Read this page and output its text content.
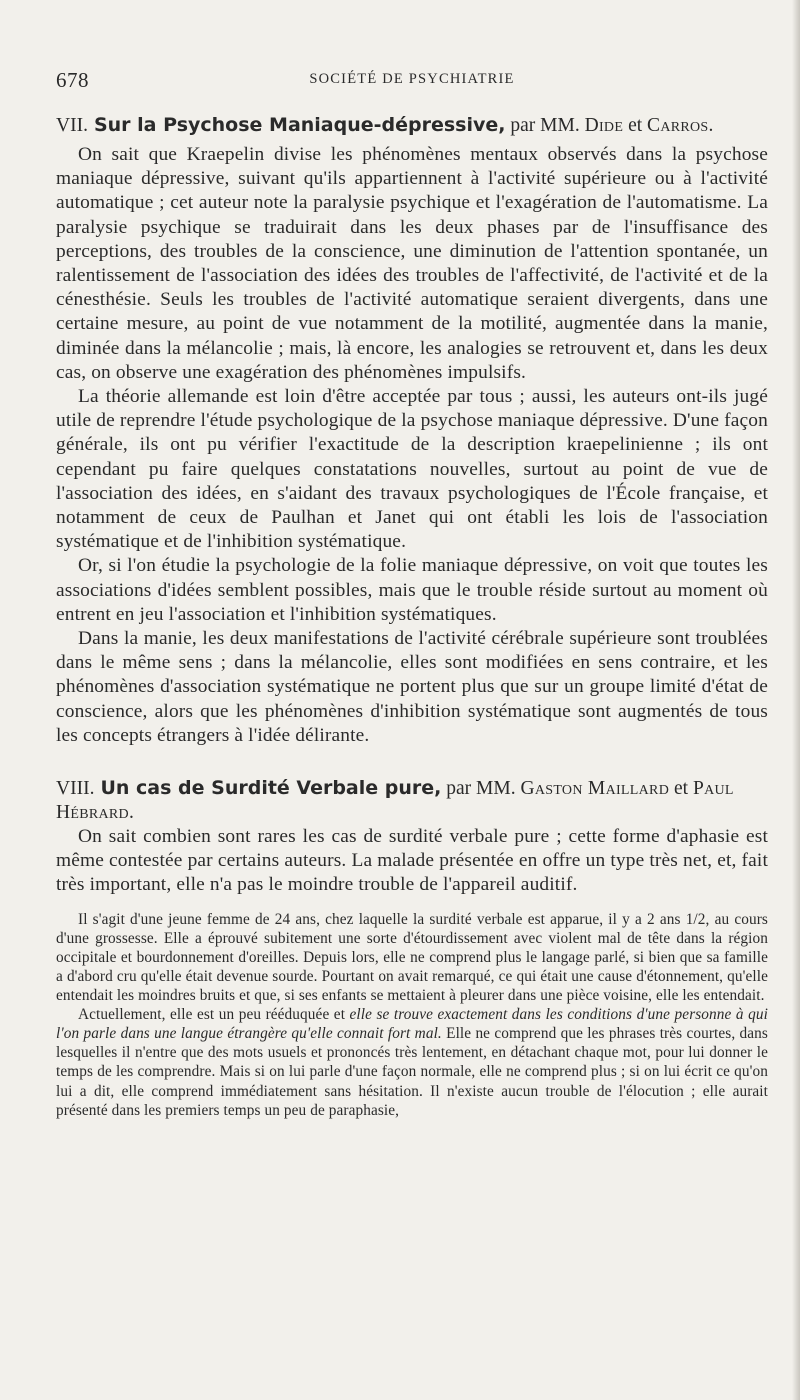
678	SOCIÉTÉ DE PSYCHIATRIE
VII. Sur la Psychose Maniaque-dépressive, par MM. Dide et Carros.

On sait que Kraepelin divise les phénomènes mentaux observés dans la psychose maniaque dépressive, suivant qu'ils appartiennent à l'activité supérieure ou à l'activité automatique ; cet auteur note la paralysie psychique et l'exagération de l'automatisme. La paralysie psychique se traduirait dans les deux phases par de l'insuffisance des perceptions, des troubles de la conscience, une diminution de l'attention spontanée, un ralentissement de l'association des idées des troubles de l'affectivité, de l'activité et de la cénesthésie. Seuls les troubles de l'activité automatique seraient divergents, dans une certaine mesure, au point de vue notamment de la motilité, augmentée dans la manie, diminée dans la mélancolie ; mais, là encore, les analogies se retrouvent et, dans les deux cas, on observe une exagération des phénomènes impulsifs.

La théorie allemande est loin d'être acceptée par tous ; aussi, les auteurs ont-ils jugé utile de reprendre l'étude psychologique de la psychose maniaque dépressive. D'une façon générale, ils ont pu vérifier l'exactitude de la description kraepelinienne ; ils ont cependant pu faire quelques constatations nouvelles, surtout au point de vue de l'association des idées, en s'aidant des travaux psychologiques de l'École française, et notamment de ceux de Paulhan et Janet qui ont établi les lois de l'association systématique et de l'inhibition systématique.

Or, si l'on étudie la psychologie de la folie maniaque dépressive, on voit que toutes les associations d'idées semblent possibles, mais que le trouble réside surtout au moment où entrent en jeu l'association et l'inhibition systématiques.

Dans la manie, les deux manifestations de l'activité cérébrale supérieure sont troublées dans le même sens ; dans la mélancolie, elles sont modifiées en sens contraire, et les phénomènes d'association systématique ne portent plus que sur un groupe limité d'état de conscience, alors que les phénomènes d'inhibition systématique sont augmentés de tous les concepts étrangers à l'idée délirante.

VIII. Un cas de Surdité Verbale pure, par MM. Gaston Maillard et Paul Hébrard.

On sait combien sont rares les cas de surdité verbale pure ; cette forme d'aphasie est même contestée par certains auteurs. La malade présentée en offre un type très net, et, fait très important, elle n'a pas le moindre trouble de l'appareil auditif.

Il s'agit d'une jeune femme de 24 ans, chez laquelle la surdité verbale est apparue, il y a 2 ans 1/2, au cours d'une grossesse. Elle a éprouvé subitement une sorte d'étourdissement avec violent mal de tête dans la région occipitale et bourdonnement d'oreilles. Depuis lors, elle ne comprend plus le langage parlé, si bien que sa famille a d'abord cru qu'elle était devenue sourde. Pourtant on avait remarqué, ce qui était une cause d'étonnement, qu'elle entendait les moindres bruits et que, si ses enfants se mettaient à pleurer dans une pièce voisine, elle les entendait.

Actuellement, elle est un peu rééduquée et elle se trouve exactement dans les conditions d'une personne à qui l'on parle dans une langue étrangère qu'elle connait fort mal. Elle ne comprend que les phrases très courtes, dans lesquelles il n'entre que des mots usuels et prononcés très lentement, en détachant chaque mot, pour lui donner le temps de les comprendre. Mais si on lui parle d'une façon normale, elle ne comprend plus ; si on lui écrit ce qu'on lui a dit, elle comprend immédiatement sans hésitation. Il n'existe aucun trouble de l'élocution ; elle aurait présenté dans les premiers temps un peu de paraphasie,
